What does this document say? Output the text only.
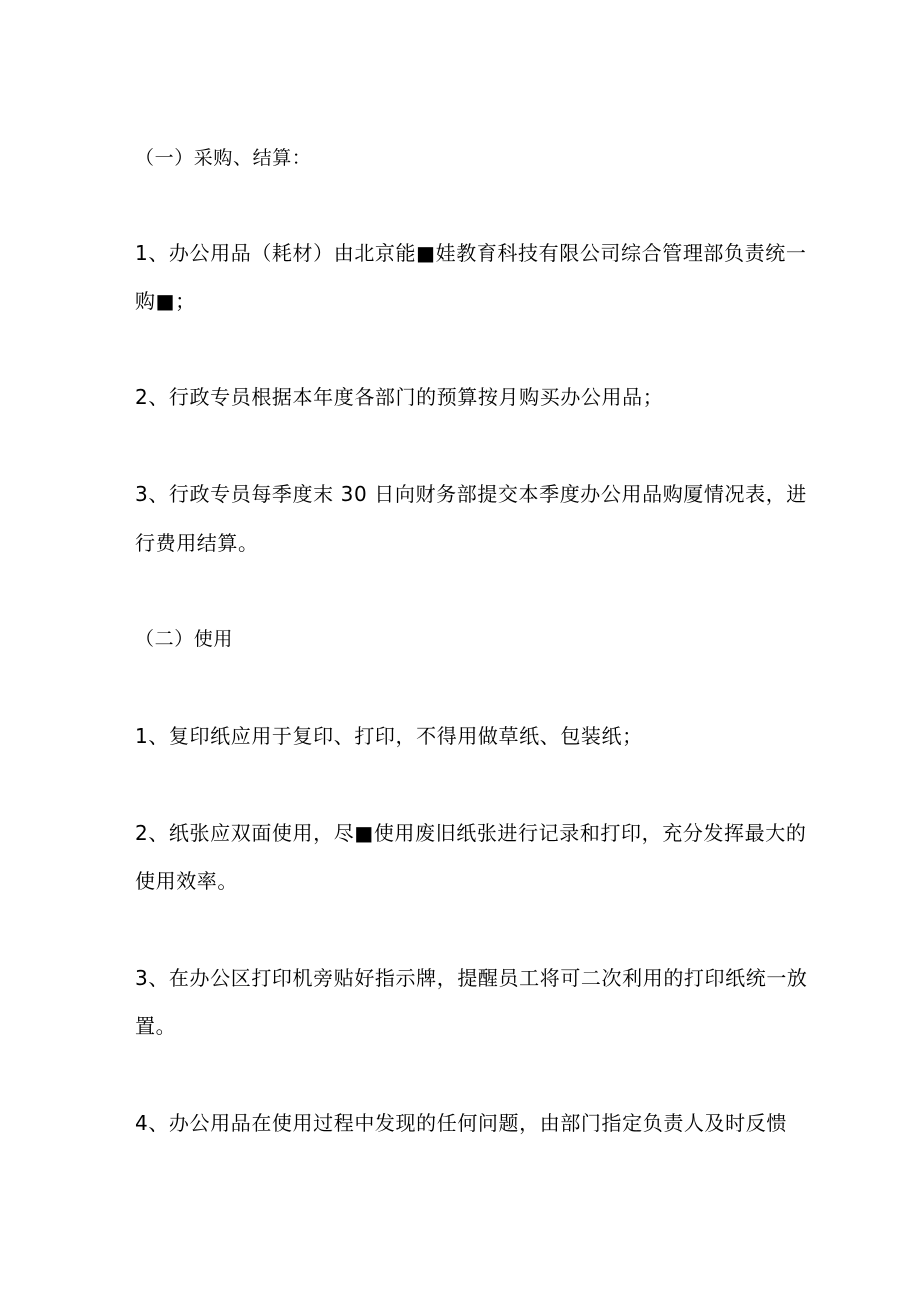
（一）采购、结算：
1、办公用品（耗材）由北京能■娃教育科技有限公司综合管理部负责统一
购■；
2、行政专员根据本年度各部门的预算按月购买办公用品；
3、行政专员每季度末 30 日向财务部提交本季度办公用品购厦情况表，进
行费用结算。
（二）使用
1、复印纸应用于复印、打印，不得用做草纸、包装纸；
2、纸张应双面使用，尽■使用废旧纸张进行记录和打印，充分发挥最大的
使用效率。
3、在办公区打印机旁贴好指示牌，提醒员工将可二次利用的打印纸统一放
置。
4、办公用品在使用过程中发现的任何问题，由部门指定负责人及时反愦
